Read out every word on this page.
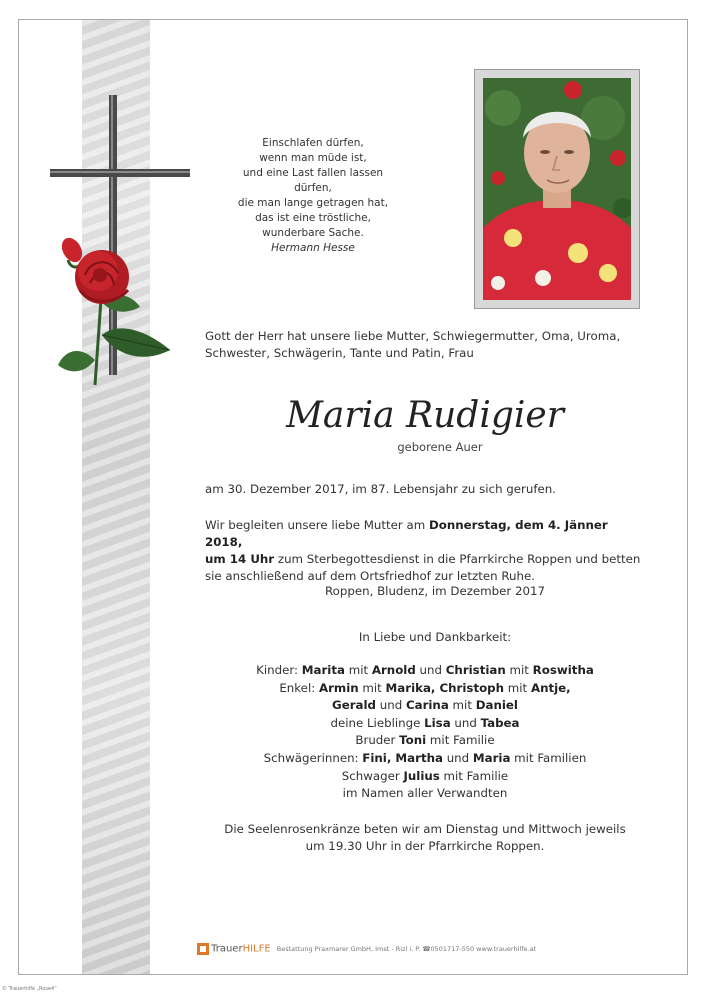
Einschlafen dürfen,
wenn man müde ist,
und eine Last fallen lassen dürfen,
die man lange getragen hat,
das ist eine tröstliche,
wunderbare Sache.
Hermann Hesse
Gott der Herr hat unsere liebe Mutter, Schwiegermutter, Oma, Uroma,
Schwester, Schwägerin, Tante und Patin, Frau
Maria Rudigier
geborene Auer
am 30. Dezember 2017, im 87. Lebensjahr zu sich gerufen.
Wir begleiten unsere liebe Mutter am Donnerstag, dem 4. Jänner 2018,
um 14 Uhr zum Sterbegottesdienst in die Pfarrkirche Roppen und betten
sie anschließend auf dem Ortsfriedhof zur letzten Ruhe.
Roppen, Bludenz, im Dezember 2017
In Liebe und Dankbarkeit:
Kinder: Marita mit Arnold und Christian mit Roswitha
Enkel: Armin mit Marika, Christoph mit Antje,
Gerald und Carina mit Daniel
deine Lieblinge Lisa und Tabea
Bruder Toni mit Familie
Schwägerinnen: Fini, Martha und Maria mit Familien
Schwager Julius mit Familie
im Namen aller Verwandten
Die Seelenrosenkränze beten wir am Dienstag und Mittwoch jeweils
um 19.30 Uhr in der Pfarrkirche Roppen.
TrauerHILFE Bestattung Praxmarer GmbH, Imst - Rizl i. P. ☎0501717-550 www.trauerhilfe.at
© Trauerhilfe „Rose4“
